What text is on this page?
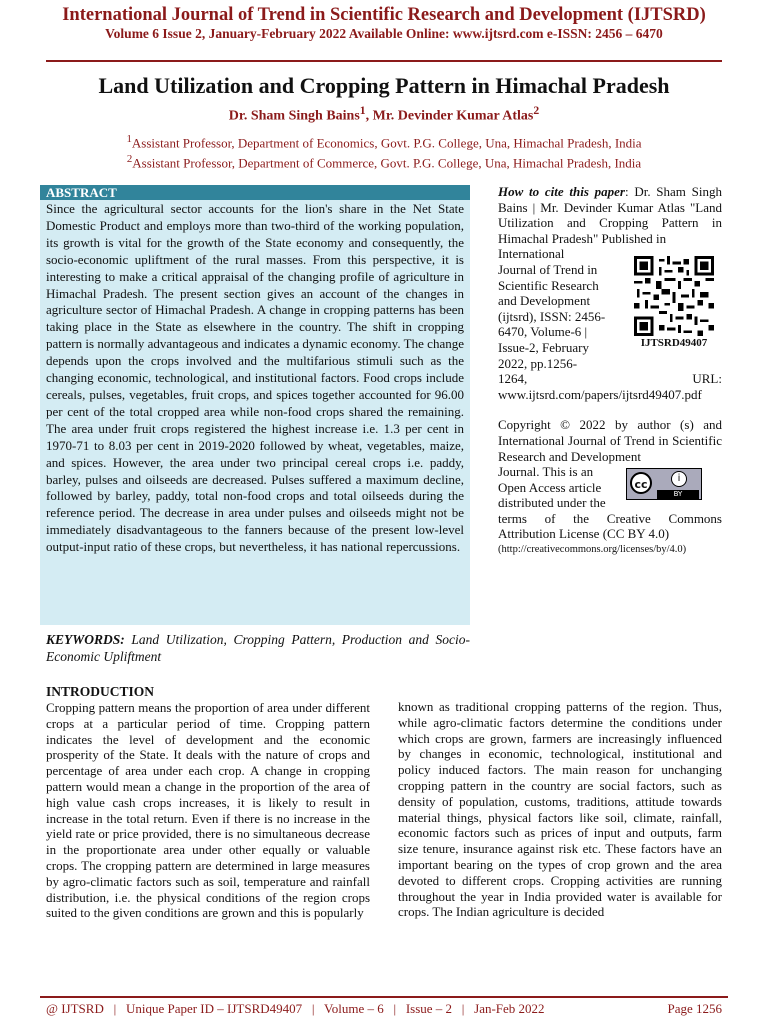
International Journal of Trend in Scientific Research and Development (IJTSRD)
Volume 6 Issue 2, January-February 2022 Available Online: www.ijtsrd.com e-ISSN: 2456 – 6470
Land Utilization and Cropping Pattern in Himachal Pradesh
Dr. Sham Singh Bains$^1$, Mr. Devinder Kumar Atlas$^2$
$^1$Assistant Professor, Department of Economics, Govt. P.G. College, Una, Himachal Pradesh, India
$^2$Assistant Professor, Department of Commerce, Govt. P.G. College, Una, Himachal Pradesh, India
ABSTRACT

Since the agricultural sector accounts for the lion's share in the Net State Domestic Product and employs more than two-third of the working population, its growth is vital for the growth of the State economy and consequently, the socio-economic upliftment of the rural masses. From this perspective, it is interesting to make a critical appraisal of the changing profile of agriculture in Himachal Pradesh. The present section gives an account of the changes in agriculture sector of Himachal Pradesh. A change in cropping patterns has been taking place in the State as elsewhere in the country. The shift in cropping pattern is normally advantageous and indicates a dynamic economy. The change depends upon the crops involved and the multifarious stimuli such as the changing economic, technological, and institutional factors. Food crops include cereals, pulses, vegetables, fruit crops, and spices together accounted for 96.00 per cent of the total cropped area while non-food crops shared the remaining. The area under fruit crops registered the highest increase i.e. 1.3 per cent in 1970-71 to 8.03 per cent in 2019-2020 followed by wheat, vegetables, maize, and spices. However, the area under two principal cereal crops i.e. paddy, barley, pulses and oilseeds are decreased. Pulses suffered a maximum decline, followed by barley, paddy, total non-food crops and total oilseeds during the reference period. The decrease in area under pulses and oilseeds might not be immediately disadvantageous to the fanners because of the present low-level output-input ratio of these crops, but nevertheless, it has national repercussions.

How to cite this paper: Dr. Sham Singh Bains | Mr. Devinder Kumar Atlas "Land Utilization and Cropping Pattern in Himachal Pradesh" Published in

International
Journal of Trend in
Scientific Research
and Development
(ijtsrd), ISSN: 2456-
6470, Volume-6 |
Issue-2, February
2022, pp.1256-
1264, URL:
www.ijtsrd.com/papers/ijtsrd49407.pdf

Copyright © 2022 by author (s) and International Journal of Trend in Scientific Research and Development

Journal. This is an
Open Access article
distributed under the

terms of the Creative Commons Attribution License (CC BY 4.0)

(http://creativecommons.org/licenses/by/4.0)
IJTSRD49407
cc	i
BY
KEYWORDS: Land Utilization, Cropping Pattern, Production and Socio-Economic Upliftment
INTRODUCTION

Cropping pattern means the proportion of area under different crops at a particular period of time. Cropping pattern indicates the level of development and the economic prosperity of the State. It deals with the nature of crops and percentage of area under each crop. A change in cropping pattern would mean a change in the proportion of the area of high value cash crops increases, it is likely to result in increase in the total return. Even if there is no increase in the yield rate or price provided, there is no simultaneous decrease in the proportionate area under other equally or valuable crops. The cropping pattern are determined in large measures by agro-climatic factors such as soil, temperature and rainfall distribution, i.e. the physical conditions of the region crops suited to the given conditions are grown and this is popularly

known as traditional cropping patterns of the region. Thus, while agro-climatic factors determine the conditions under which crops are grown, farmers are increasingly influenced by changes in economic, technological, institutional and policy induced factors. The main reason for unchanging cropping pattern in the country are social factors, such as density of population, customs, traditions, attitude towards material things, physical factors like soil, climate, rainfall, economic factors such as prices of input and outputs, farm size tenure, insurance against risk etc. These factors have an important bearing on the types of crop grown and the area devoted to different crops. Cropping activities are running throughout the year in India provided water is available for crops. The Indian agriculture is decided

@ IJTSRD   |   Unique Paper ID – IJTSRD49407   |   Volume – 6   |   Issue – 2   |   Jan-Feb 2022	Page 1256
